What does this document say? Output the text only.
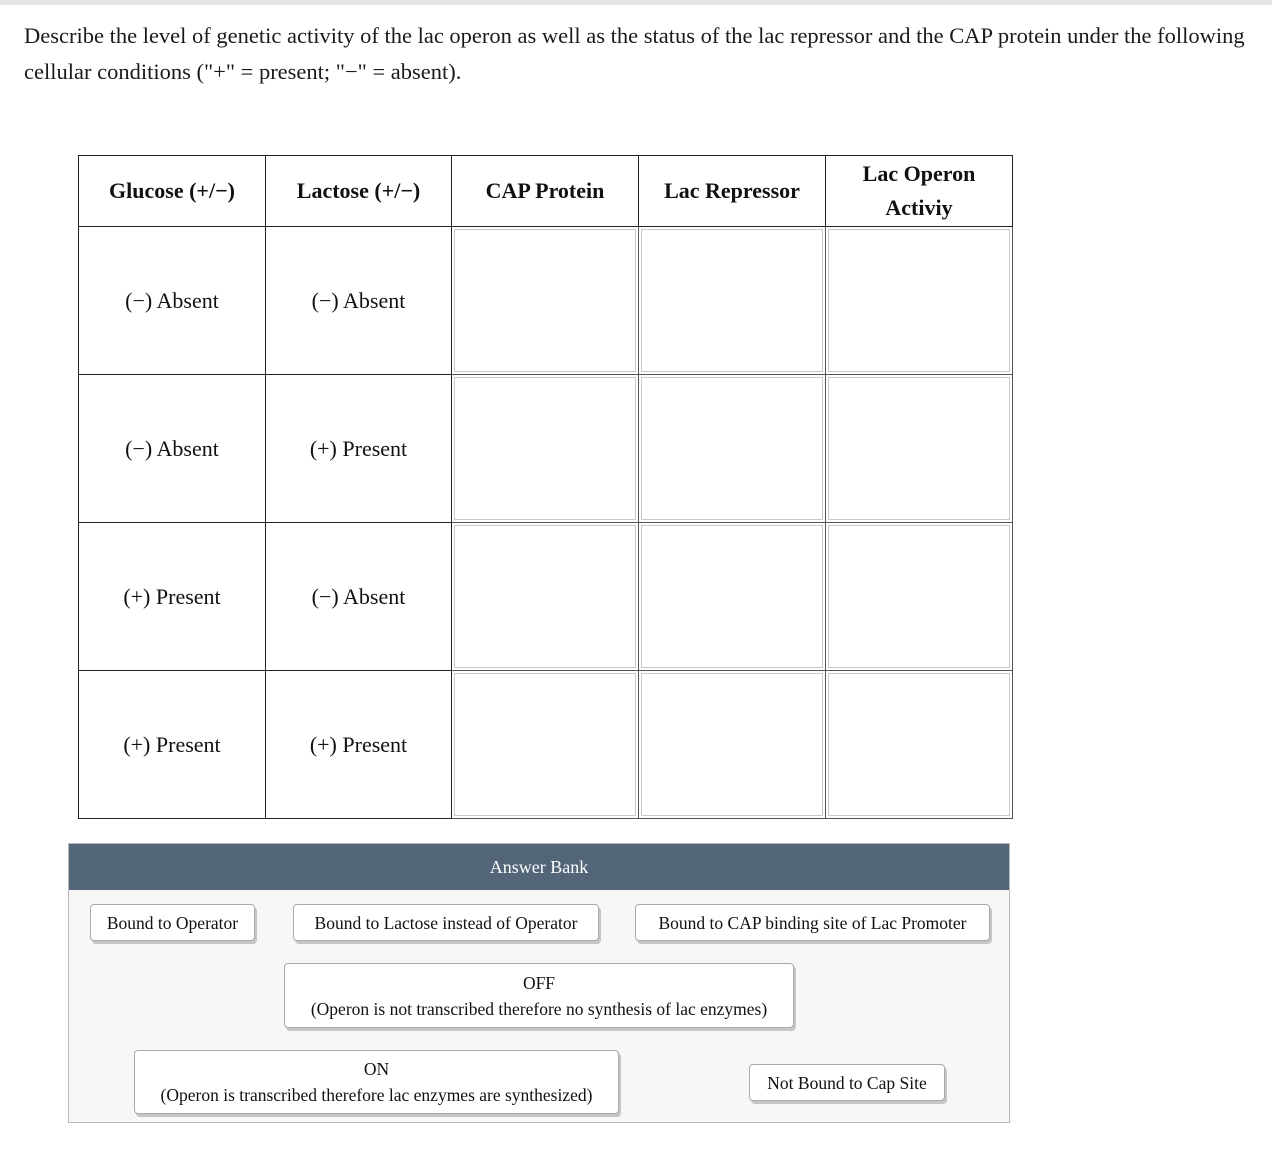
Describe the level of genetic activity of the lac operon as well as the status of the lac repressor and the CAP protein under the following cellular conditions ("+" = present; "−" = absent).
Glucose (+/−)	Lactose (+/−)	CAP Protein	Lac Repressor	Lac Operon Activiy
(−) Absent	(−) Absent			
(−) Absent	(+) Present			
(+) Present	(−) Absent			
(+) Present	(+) Present			
Answer Bank
Bound to Operator	Bound to Lactose instead of Operator	Bound to CAP binding site of Lac Promoter
OFF
(Operon is not transcribed therefore no synthesis of lac enzymes)
ON
(Operon is transcribed therefore lac enzymes are synthesized)
Not Bound to Cap Site
